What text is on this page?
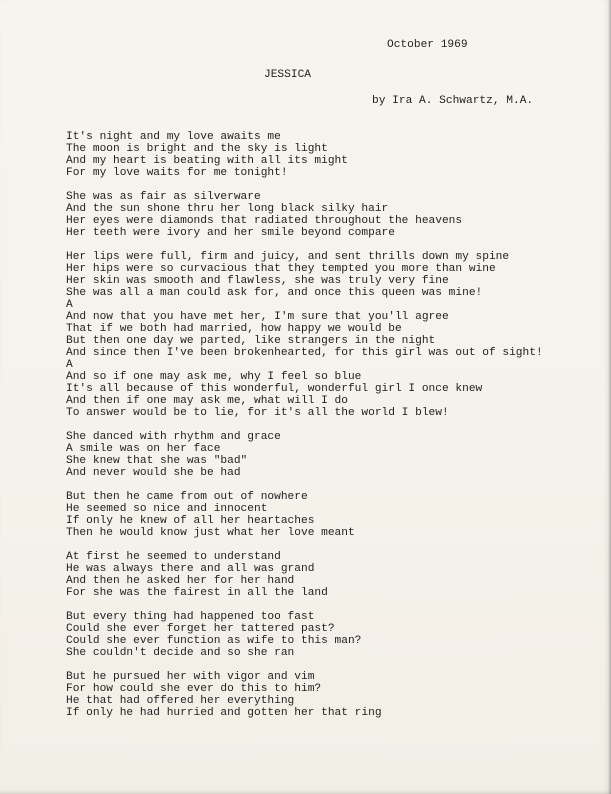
October 1969
JESSICA
by Ira A. Schwartz, M.A.
It's night and my love awaits me
The moon is bright and the sky is light
And my heart is beating with all its might
For my love waits for me tonight!
She was as fair as silverware
And the sun shone thru her long black silky hair
Her eyes were diamonds that radiated throughout the heavens
Her teeth were ivory and her smile beyond compare
Her lips were full, firm and juicy, and sent thrills down my spine
Her hips were so curvacious that they tempted you more than wine
Her skin was smooth and flawless, she was truly very fine
She was all a man could ask for, and once this queen was mine!
A
And now that you have met her, I'm sure that you'll agree
That if we both had married, how happy we would be
But then one day we parted, like strangers in the night
And since then I've been brokenhearted, for this girl was out of sight!
A
And so if one may ask me, why I feel so blue
It's all because of this wonderful, wonderful girl I once knew
And then if one may ask me, what will I do
To answer would be to lie, for it's all the world I blew!
She danced with rhythm and grace
A smile was on her face
She knew that she was "bad"
And never would she be had
But then he came from out of nowhere
He seemed so nice and innocent
If only he knew of all her heartaches
Then he would know just what her love meant
At first he seemed to understand
He was always there and all was grand
And then he asked her for her hand
For she was the fairest in all the land
But every thing had happened too fast
Could she ever forget her tattered past?
Could she ever function as wife to this man?
She couldn't decide and so she ran
But he pursued her with vigor and vim
For how could she ever do this to him?
He that had offered her everything
If only he had hurried and gotten her that ring
